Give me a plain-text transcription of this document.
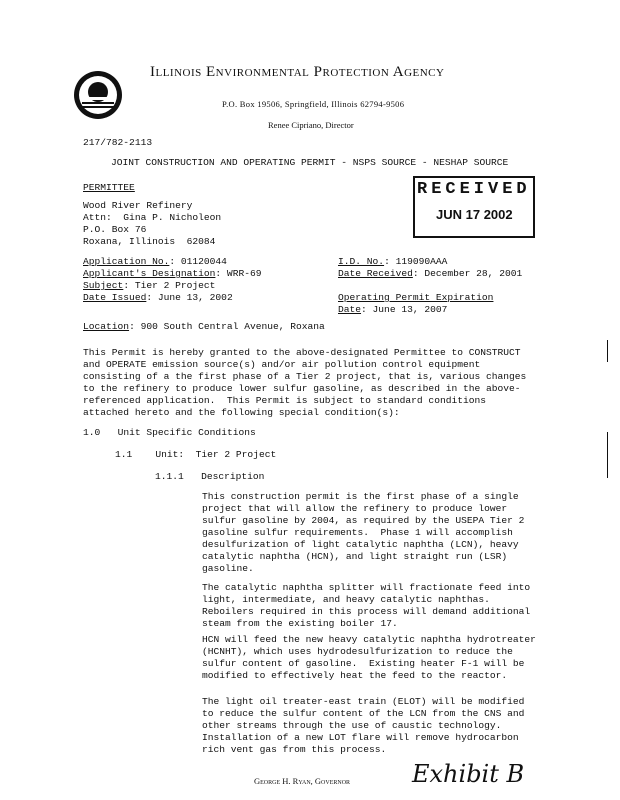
Illinois Environmental Protection Agency
P.O. Box 19506, Springfield, Illinois 62794-9506
Renee Cipriano, Director
217/782-2113
JOINT CONSTRUCTION AND OPERATING PERMIT - NSPS SOURCE - NESHAP SOURCE
PERMITTEE
Wood River Refinery
Attn:  Gina P. Nicholeon
P.O. Box 76
Roxana, Illinois  62084
RECEIVED
JUN 17 2002
Application No.: 01120044
Applicant's Designation: WRR-69
Subject: Tier 2 Project
Date Issued: June 13, 2002
I.D. No.: 119090AAA
Date Received: December 28, 2001
Operating Permit Expiration
Date: June 13, 2007
Location: 900 South Central Avenue, Roxana
This Permit is hereby granted to the above-designated Permittee to CONSTRUCT
and OPERATE emission source(s) and/or air pollution control equipment
consisting of a the first phase of a Tier 2 project, that is, various changes
to the refinery to produce lower sulfur gasoline, as described in the above-
referenced application.  This Permit is subject to standard conditions
attached hereto and the following special condition(s):
1.0 Unit Specific Conditions
1.1 Unit:  Tier 2 Project
1.1.1 Description
This construction permit is the first phase of a single
project that will allow the refinery to produce lower
sulfur gasoline by 2004, as required by the USEPA Tier 2
gasoline sulfur requirements.  Phase 1 will accomplish
desulfurization of light catalytic naphtha (LCN), heavy
catalytic naphtha (HCN), and light straight run (LSR)
gasoline.
The catalytic naphtha splitter will fractionate feed into
light, intermediate, and heavy catalytic naphthas.
Reboilers required in this process will demand additional
steam from the existing boiler 17.
HCN will feed the new heavy catalytic naphtha hydrotreater
(HCNHT), which uses hydrodesulfurization to reduce the
sulfur content of gasoline.  Existing heater F-1 will be
modified to effectively heat the feed to the reactor.
The light oil treater-east train (ELOT) will be modified
to reduce the sulfur content of the LCN from the CNS and
other streams through the use of caustic technology.
Installation of a new LOT flare will remove hydrocarbon
rich vent gas from this process.
George H. Ryan, Governor	Exhibit B
